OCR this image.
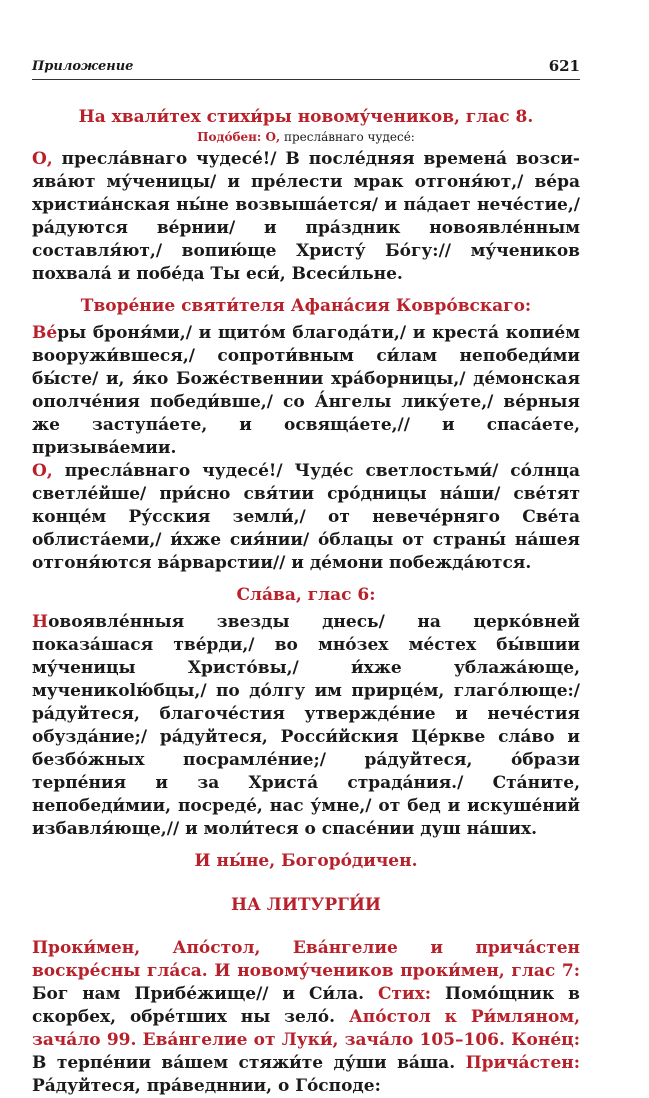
Приложение	621

На хвали́тех стихи́ры новому́чеников, глас 8.

Подо́бен: О, пресла́внаго чудесе́:

О, пресла́внаго чудесе́!/ В после́дняя времена́ возси-ява́ют му́ченицы/ и пре́лести мрак отгоня́ют,/ ве́ра христиа́нская ны́не возвыша́ется/ и па́дает нече́стие,/ ра́дуются ве́рнии/ и пра́здник новоявле́нным составля́ют,/ вопию́ще Христу́ Бо́гу:// му́чеников похвала́ и побе́да Ты еси́, Всеси́льне.

Творе́ние святи́теля Афана́сия Ковро́вскаго:

Ве́ры броня́ми,/ и щито́м благода́ти,/ и креста́ копие́м вооружи́вшеся,/ сопроти́вным си́лам непобеди́ми бы́сте/ и, я́ко Боже́ственнии хра́борницы,/ де́монская ополче́ния победи́вше,/ со А́нгелы лику́ете,/ ве́рныя же заступа́ете, и освяща́ете,// и спаса́ете, призыва́емии.

О, пресла́внаго чудесе́!/ Чуде́с светлостьми́/ со́лнца светле́йше/ при́сно свя́тии сро́дницы на́ши/ све́тят конце́м Ру́сския земли́,/ от невече́рняго Све́та облиста́еми,/ и́хже сия́нии/ о́блацы от страны́ на́шея отгоня́ются ва́рварстии// и де́мони побежда́ются.

Сла́ва, глас 6:

Новоявле́нныя звезды днесь/ на церко́вней показа́шася тве́рди,/ во мно́зех ме́стех бы́вшии му́ченицы Христо́вы,/ и́хже ублажа́юще, мученикolю́бцы,/ по до́лгу им прирце́м, глаго́люще:/ ра́дуйтеся, благоче́стия утвержде́ние и нече́стия обузда́ние;/ ра́дуйтеся, Росси́йския Це́ркве сла́во и безбо́жных посрамле́ние;/ ра́дуйтеся, о́брази терпе́ния и за Христа́ страда́ния./ Ста́ните, непобеди́мии, посреде́, нас у́мне,/ от бед и искуше́ний избавля́юще,// и моли́теся о спасе́нии душ на́ших.

И ны́не, Богоро́дичен.

НА ЛИТУРГИ́И

Проки́мен, Апо́стол, Ева́нгелие и прича́стен воскре́сны гла́са. И новому́чеников проки́мен, глас 7: Бог нам Прибе́жище// и Си́ла. Стих: Помо́щник в скорбех, обре́тших ны зело́. Апо́стол к Ри́мляном, зача́ло 99. Ева́нгелие от Луки́, зача́ло 105–106. Коне́ц: В терпе́нии ва́шем стяжи́те ду́ши ва́ша. Прича́стен: Ра́дуйтеся, пра́ведннии, о Го́споде:
